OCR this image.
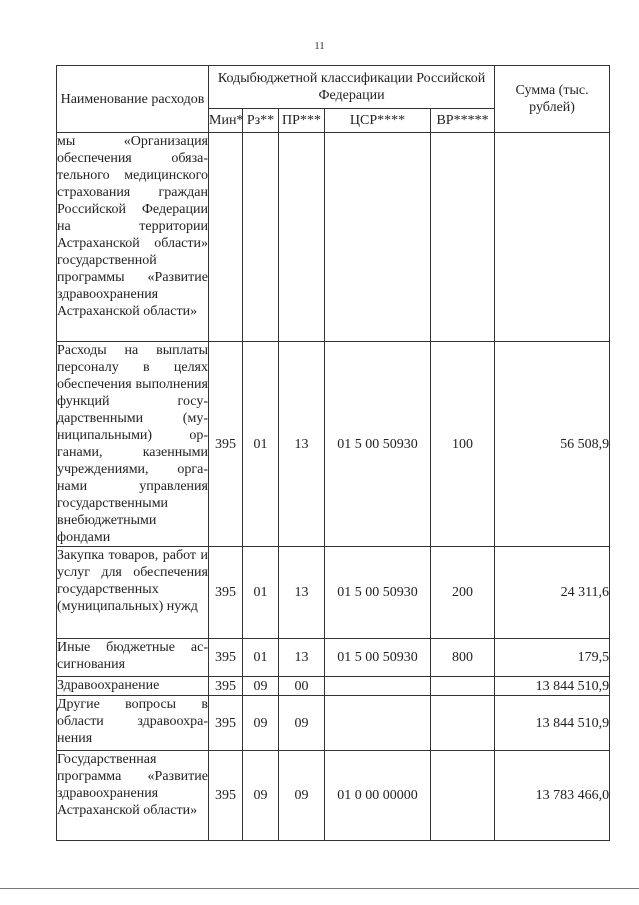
11
Наименование расходов	Кодыбюджетной классификации Российской Федерации					Сумма (тыс. рублей)
	Мин*	Рз**	ПР***	ЦСР****	ВР*****	
мы «Организация обеспечения обязательного медицинского страхования граждан Российской Федерации на территории Астраханской области» государственной программы «Развитие здравоохранения Астраханской области»						
Расходы на выплаты персоналу в целях обеспечения выполнения функций государственными (муниципальными) органами, казенными учреждениями, органами управления государственными внебюджетными фондами	395	01	13	01 5 00 50930	100	56 508,9
Закупка товаров, работ и услуг для обеспечения государственных (муниципальных) нужд	395	01	13	01 5 00 50930	200	24 311,6
Иные бюджетные ассигнования	395	01	13	01 5 00 50930	800	179,5
Здравоохранение	395	09	00			13 844 510,9
Другие вопросы в области здравоохранения	395	09	09			13 844 510,9
Государственная программа «Развитие здравоохранения Астраханской области»	395	09	09	01 0 00 00000		13 783 466,0
